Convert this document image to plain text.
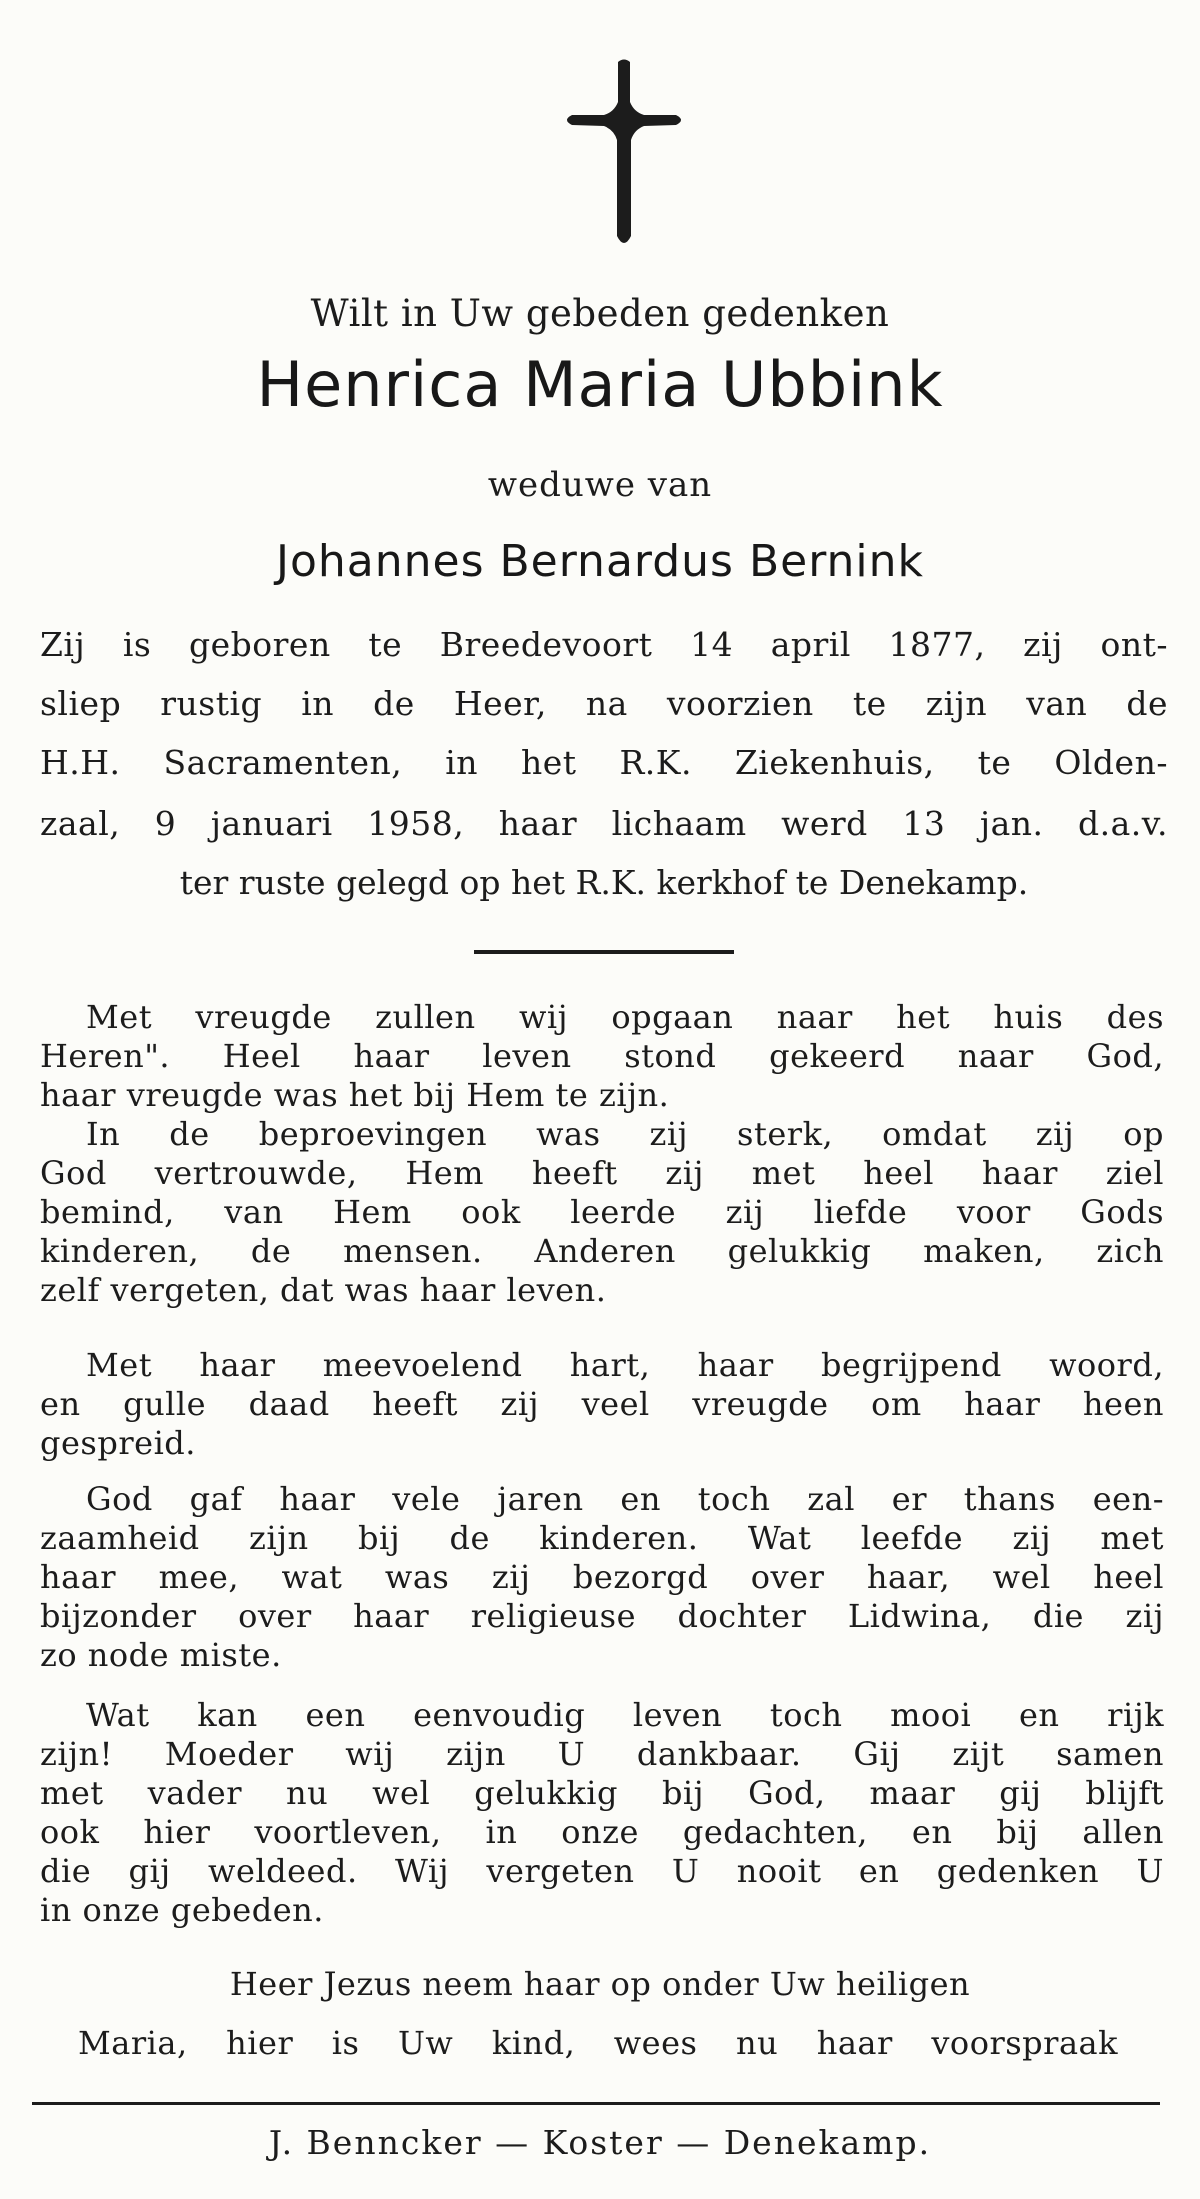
Wilt in Uw gebeden gedenken
Henrica Maria Ubbink
weduwe van
Johannes Bernardus Bernink
Zij is geboren te Breedevoort 14 april 1877, zij ont-
sliep rustig in de Heer, na voorzien te zijn van de
H.H. Sacramenten, in het R.K. Ziekenhuis, te Olden-
zaal, 9 januari 1958, haar lichaam werd 13 jan. d.a.v.
ter ruste gelegd op het R.K. kerkhof te Denekamp.
Met vreugde zullen wij opgaan naar het huis des
Heren". Heel haar leven stond gekeerd naar God,
haar vreugde was het bij Hem te zijn.
In de beproevingen was zij sterk, omdat zij op
God vertrouwde, Hem heeft zij met heel haar ziel
bemind, van Hem ook leerde zij liefde voor Gods
kinderen, de mensen. Anderen gelukkig maken, zich
zelf vergeten, dat was haar leven.
Met haar meevoelend hart, haar begrijpend woord,
en gulle daad heeft zij veel vreugde om haar heen
gespreid.
God gaf haar vele jaren en toch zal er thans een-
zaamheid zijn bij de kinderen. Wat leefde zij met
haar mee, wat was zij bezorgd over haar, wel heel
bijzonder over haar religieuse dochter Lidwina, die zij
zo node miste.
Wat kan een eenvoudig leven toch mooi en rijk
zijn! Moeder wij zijn U dankbaar. Gij zijt samen
met vader nu wel gelukkig bij God, maar gij blijft
ook hier voortleven, in onze gedachten, en bij allen
die gij weldeed. Wij vergeten U nooit en gedenken U
in onze gebeden.
Heer Jezus neem haar op onder Uw heiligen
Maria, hier is Uw kind, wees nu haar voorspraak
J. Benncker — Koster — Denekamp.
